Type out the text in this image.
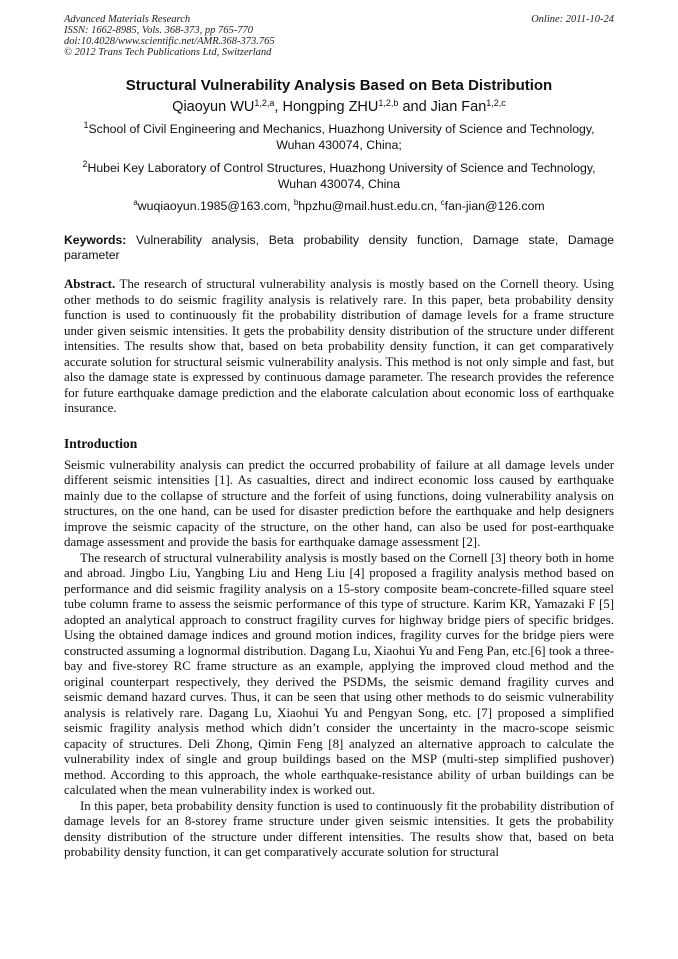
Advanced Materials Research
ISSN: 1662-8985, Vols. 368-373, pp 765-770
doi:10.4028/www.scientific.net/AMR.368-373.765
© 2012 Trans Tech Publications Ltd, Switzerland
Online: 2011-10-24
Structural Vulnerability Analysis Based on Beta Distribution
Qiaoyun WU$^{1,2,a}$, Hongping ZHU$^{1,2,b}$ and Jian Fan$^{1,2,c}$
$^1$School of Civil Engineering and Mechanics, Huazhong University of Science and Technology, Wuhan 430074, China;
$^2$Hubei Key Laboratory of Control Structures, Huazhong University of Science and Technology, Wuhan 430074, China
$^a$wuqiaoyun.1985@163.com, $^b$hpzhu@mail.hust.edu.cn, $^c$fan-jian@126.com
Keywords: Vulnerability analysis, Beta probability density function, Damage state, Damage parameter
Abstract. The research of structural vulnerability analysis is mostly based on the Cornell theory. Using other methods to do seismic fragility analysis is relatively rare. In this paper, beta probability density function is used to continuously fit the probability distribution of damage levels for a frame structure under given seismic intensities. It gets the probability density distribution of the structure under different intensities. The results show that, based on beta probability density function, it can get comparatively accurate solution for structural seismic vulnerability analysis. This method is not only simple and fast, but also the damage state is expressed by continuous damage parameter. The research provides the reference for future earthquake damage prediction and the elaborate calculation about economic loss of earthquake insurance.
Introduction

Seismic vulnerability analysis can predict the occurred probability of failure at all damage levels under different seismic intensities [1]. As casualties, direct and indirect economic loss caused by earthquake mainly due to the collapse of structure and the forfeit of using functions, doing vulnerability analysis on structures, on the one hand, can be used for disaster prediction before the earthquake and help designers improve the seismic capacity of the structure, on the other hand, can also be used for post-earthquake damage assessment and provide the basis for earthquake damage assessment [2].

The research of structural vulnerability analysis is mostly based on the Cornell [3] theory both in home and abroad. Jingbo Liu, Yangbing Liu and Heng Liu [4] proposed a fragility analysis method based on performance and did seismic fragility analysis on a 15-story composite beam-concrete-filled square steel tube column frame to assess the seismic performance of this type of structure. Karim KR, Yamazaki F [5] adopted an analytical approach to construct fragility curves for highway bridge piers of specific bridges. Using the obtained damage indices and ground motion indices, fragility curves for the bridge piers were constructed assuming a lognormal distribution. Dagang Lu, Xiaohui Yu and Feng Pan, etc.[6] took a three-bay and five-storey RC frame structure as an example, applying the improved cloud method and the original counterpart respectively, they derived the PSDMs, the seismic demand fragility curves and seismic demand hazard curves. Thus, it can be seen that using other methods to do seismic vulnerability analysis is relatively rare. Dagang Lu, Xiaohui Yu and Pengyan Song, etc. [7] proposed a simplified seismic fragility analysis method which didn’t consider the uncertainty in the macro-scope seismic capacity of structures. Deli Zhong, Qimin Feng [8] analyzed an alternative approach to calculate the vulnerability index of single and group buildings based on the MSP (multi-step simplified pushover) method. According to this approach, the whole earthquake-resistance ability of urban buildings can be calculated when the mean vulnerability index is worked out.

In this paper, beta probability density function is used to continuously fit the probability distribution of damage levels for an 8-storey frame structure under given seismic intensities. It gets the probability density distribution of the structure under different intensities. The results show that, based on beta probability density function, it can get comparatively accurate solution for structural
